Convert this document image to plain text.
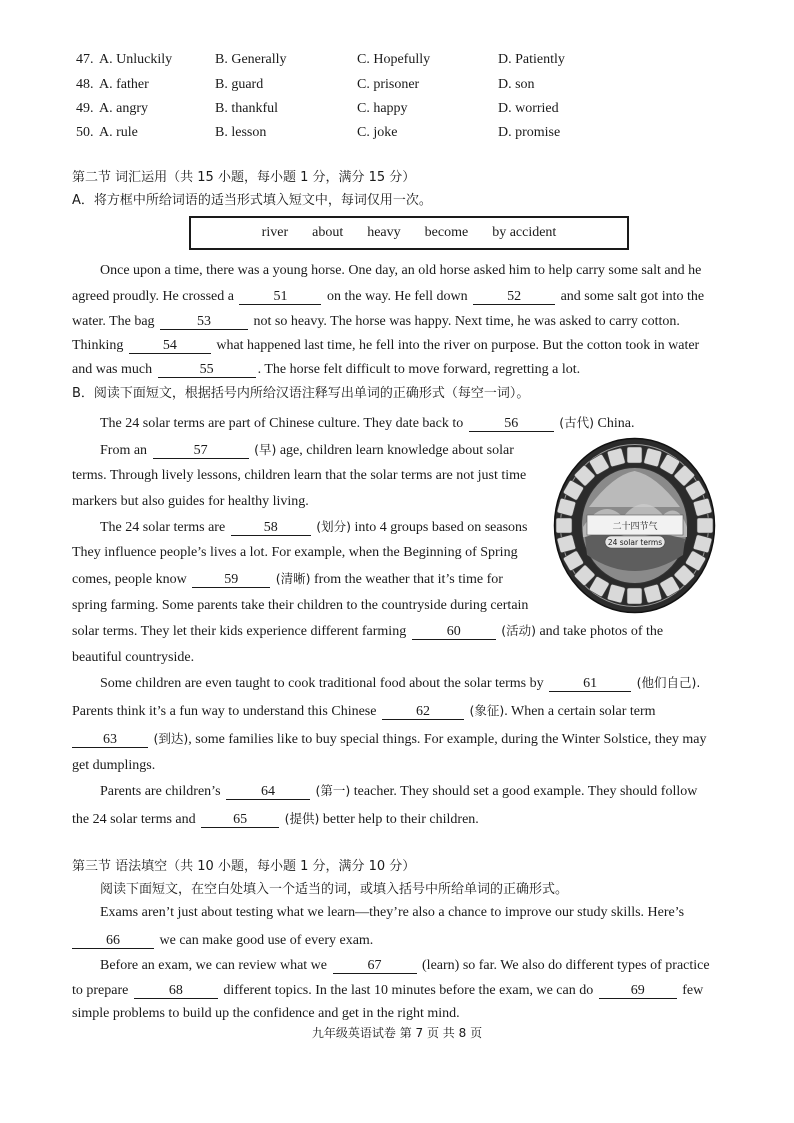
47. A. Unluckily	B. Generally	C. Hopefully	D. Patiently
48. A. father	B. guard	C. prisoner	D. son
49. A. angry	B. thankful	C. happy	D. worried
50. A. rule	B. lesson	C. joke	D. promise
第二节 词汇运用（共 15 小题，每小题 1 分，满分 15 分）
A．将方框中所给词语的适当形式填入短文中，每词仅用一次。
river about heavy become by accident
Once upon a time, there was a young horse. One day, an old horse asked him to help carry some salt and he
agreed proudly. He crossed a	51	on the way. He fell down	52	and some salt got into the
water. The bag	53	not so heavy. The horse was happy. Next time, he was asked to carry cotton.
Thinking	54	what happened last time, he fell into the river on purpose. But the cotton took in water
and was much	55	. The horse felt difficult to move forward, regretting a lot.
B．阅读下面短文，根据括号内所给汉语注释写出单词的正确形式（每空一词）。
The 24 solar terms are part of Chinese culture. They date back to	56	(古代) China.
From an	57	(早) age, children learn knowledge about solar
terms. Through lively lessons, children learn that the solar terms are not just time
markers but also guides for healthy living.
The 24 solar terms are	58	(划分) into 4 groups based on seasons
They influence people’s lives a lot. For example, when the Beginning of Spring
comes, people know	59	(清晰) from the weather that it’s time for
spring farming. Some parents take their children to the countryside during certain
solar terms. They let their kids experience different farming	60	(活动) and take photos of the
beautiful countryside.
Some children are even taught to cook traditional food about the solar terms by	61	(他们自己).
Parents think it’s a fun way to understand this Chinese	62	(象征). When a certain solar term
63	(到达), some families like to buy special things. For example, during the Winter Solstice, they may
get dumplings.
Parents are children’s	64	(第一) teacher. They should set a good example. They should follow
the 24 solar terms and	65	(提供) better help to their children.
二十四节气
24 solar terms
第三节 语法填空（共 10 小题，每小题 1 分，满分 10 分）
阅读下面短文，在空白处填入一个适当的词，或填入括号中所给单词的正确形式。
Exams aren’t just about testing what we learn—they’re also a chance to improve our study skills. Here’s
66	we can make good use of every exam.
Before an exam, we can review what we	67	(learn) so far. We also do different types of practice
to prepare	68	different topics. In the last 10 minutes before the exam, we can do	69	few
simple problems to build up the confidence and get in the right mind.
九年级英语试卷 第 7 页 共 8 页
